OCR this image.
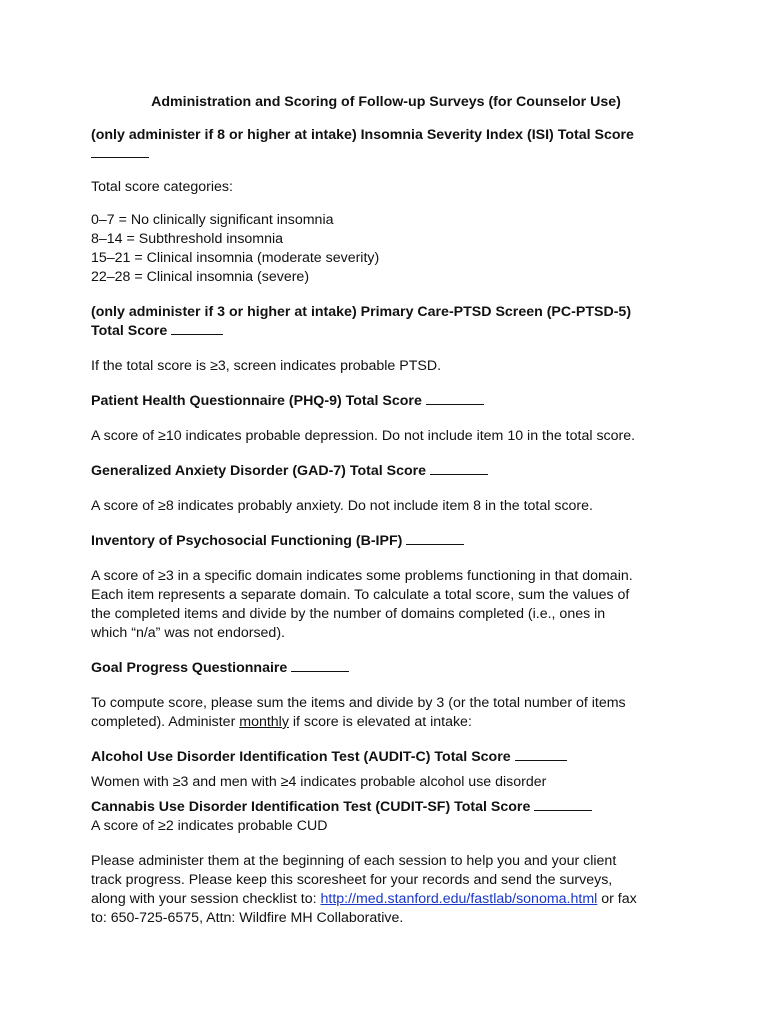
Administration and Scoring of Follow-up Surveys (for Counselor Use)

(only administer if 8 or higher at intake) Insomnia Severity Index (ISI) Total Score

Total score categories:

0–7 = No clinically significant insomnia
8–14 = Subthreshold insomnia
15–21 = Clinical insomnia (moderate severity)
22–28 = Clinical insomnia (severe)

(only administer if 3 or higher at intake) Primary Care-PTSD Screen (PC-PTSD-5)
Total Score

If the total score is ≥3, screen indicates probable PTSD.

Patient Health Questionnaire (PHQ-9) Total Score

A score of ≥10 indicates probable depression. Do not include item 10 in the total score.

Generalized Anxiety Disorder (GAD-7) Total Score

A score of ≥8 indicates probably anxiety. Do not include item 8 in the total score.

Inventory of Psychosocial Functioning (B-IPF)

A score of ≥3 in a specific domain indicates some problems functioning in that domain.
Each item represents a separate domain. To calculate a total score, sum the values of
the completed items and divide by the number of domains completed (i.e., ones in
which “n/a” was not endorsed).

Goal Progress Questionnaire

To compute score, please sum the items and divide by 3 (or the total number of items
completed). Administer monthly if score is elevated at intake:

Alcohol Use Disorder Identification Test (AUDIT-C) Total Score

Women with ≥3 and men with ≥4 indicates probable alcohol use disorder

Cannabis Use Disorder Identification Test (CUDIT-SF) Total Score

A score of ≥2 indicates probable CUD

Please administer them at the beginning of each session to help you and your client
track progress. Please keep this scoresheet for your records and send the surveys,
along with your session checklist to: http://med.stanford.edu/fastlab/sonoma.html or fax
to: 650-725-6575, Attn: Wildfire MH Collaborative.
